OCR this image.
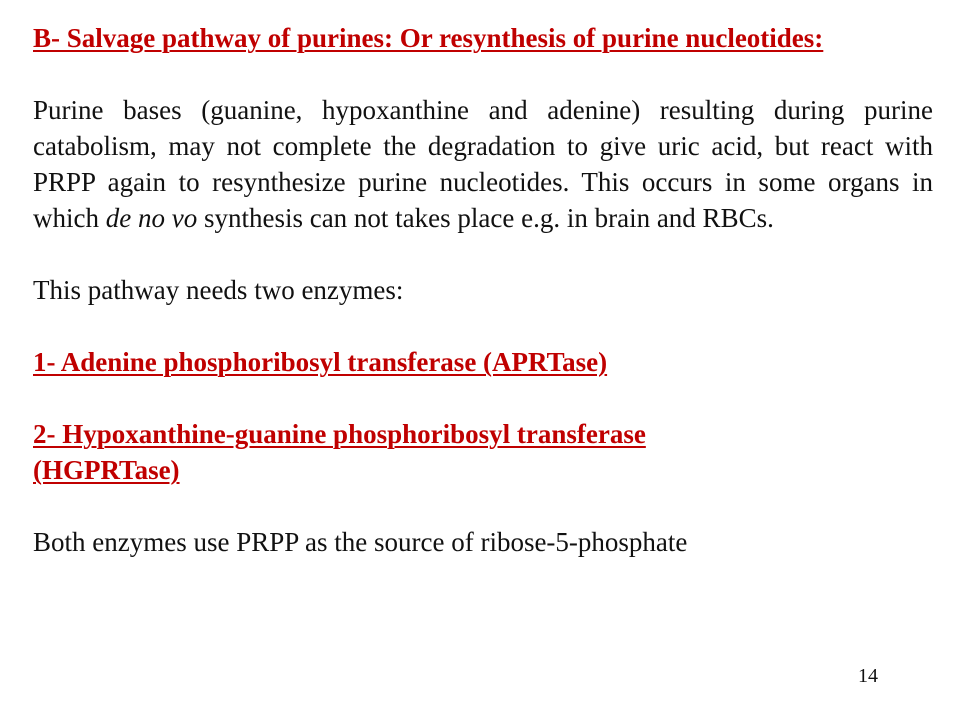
B- Salvage pathway of purines: Or resynthesis of purine nucleotides:

Purine bases (guanine, hypoxanthine and adenine) resulting during purine catabolism, may not complete the degradation to give uric acid, but react with PRPP again to resynthesize purine nucleotides. This occurs in some organs in which de no vo synthesis can not takes place e.g. in brain and RBCs.

This pathway needs two enzymes:

1- Adenine phosphoribosyl transferase (APRTase)

2- Hypoxanthine-guanine phosphoribosyl transferase (HGPRTase)

Both enzymes use PRPP as the source of ribose-5-phosphate

14
